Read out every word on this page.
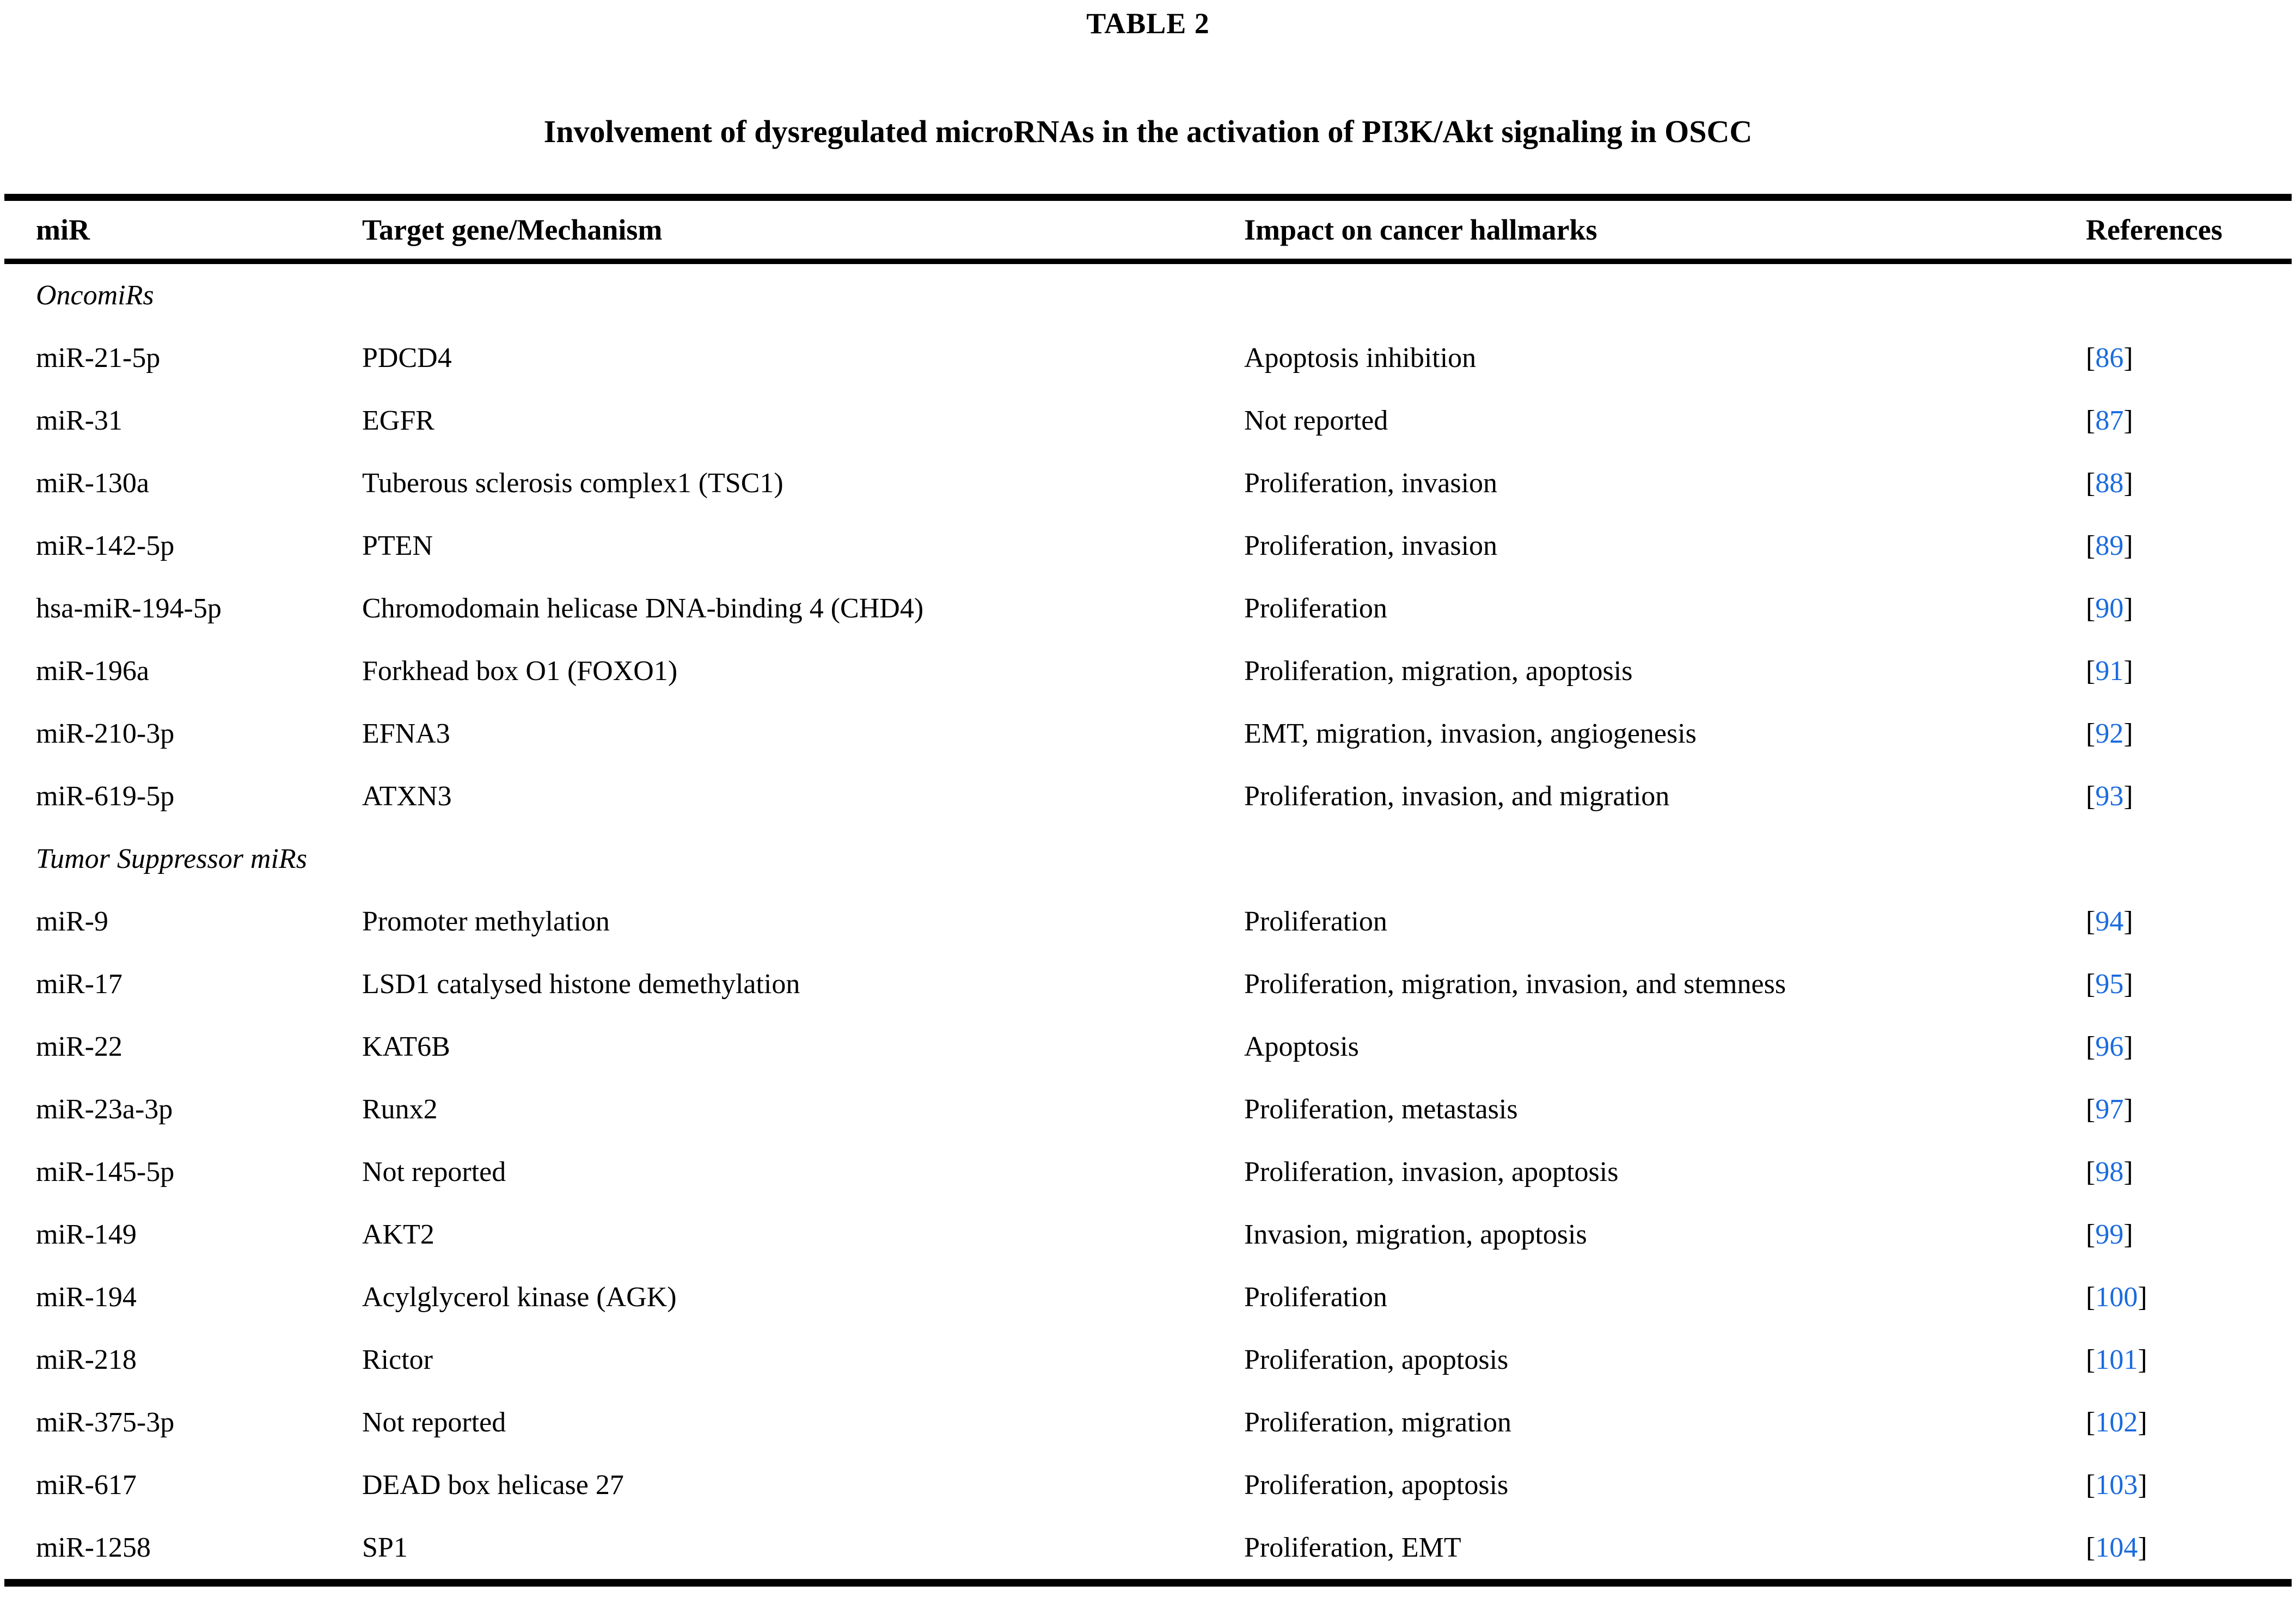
TABLE 2
Involvement of dysregulated microRNAs in the activation of PI3K/Akt signaling in OSCC
miR	Target gene/Mechanism	Impact on cancer hallmarks	References
OncomiRs			
miR-21-5p	PDCD4	Apoptosis inhibition	[86]
miR-31	EGFR	Not reported	[87]
miR-130a	Tuberous sclerosis complex1 (TSC1)	Proliferation, invasion	[88]
miR-142-5p	PTEN	Proliferation, invasion	[89]
hsa-miR-194-5p	Chromodomain helicase DNA-binding 4 (CHD4)	Proliferation	[90]
miR-196a	Forkhead box O1 (FOXO1)	Proliferation, migration, apoptosis	[91]
miR-210-3p	EFNA3	EMT, migration, invasion, angiogenesis	[92]
miR-619-5p	ATXN3	Proliferation, invasion, and migration	[93]
Tumor Suppressor miRs			
miR-9	Promoter methylation	Proliferation	[94]
miR-17	LSD1 catalysed histone demethylation	Proliferation, migration, invasion, and stemness	[95]
miR-22	KAT6B	Apoptosis	[96]
miR-23a-3p	Runx2	Proliferation, metastasis	[97]
miR-145-5p	Not reported	Proliferation, invasion, apoptosis	[98]
miR-149	AKT2	Invasion, migration, apoptosis	[99]
miR-194	Acylglycerol kinase (AGK)	Proliferation	[100]
miR-218	Rictor	Proliferation, apoptosis	[101]
miR-375-3p	Not reported	Proliferation, migration	[102]
miR-617	DEAD box helicase 27	Proliferation, apoptosis	[103]
miR-1258	SP1	Proliferation, EMT	[104]
